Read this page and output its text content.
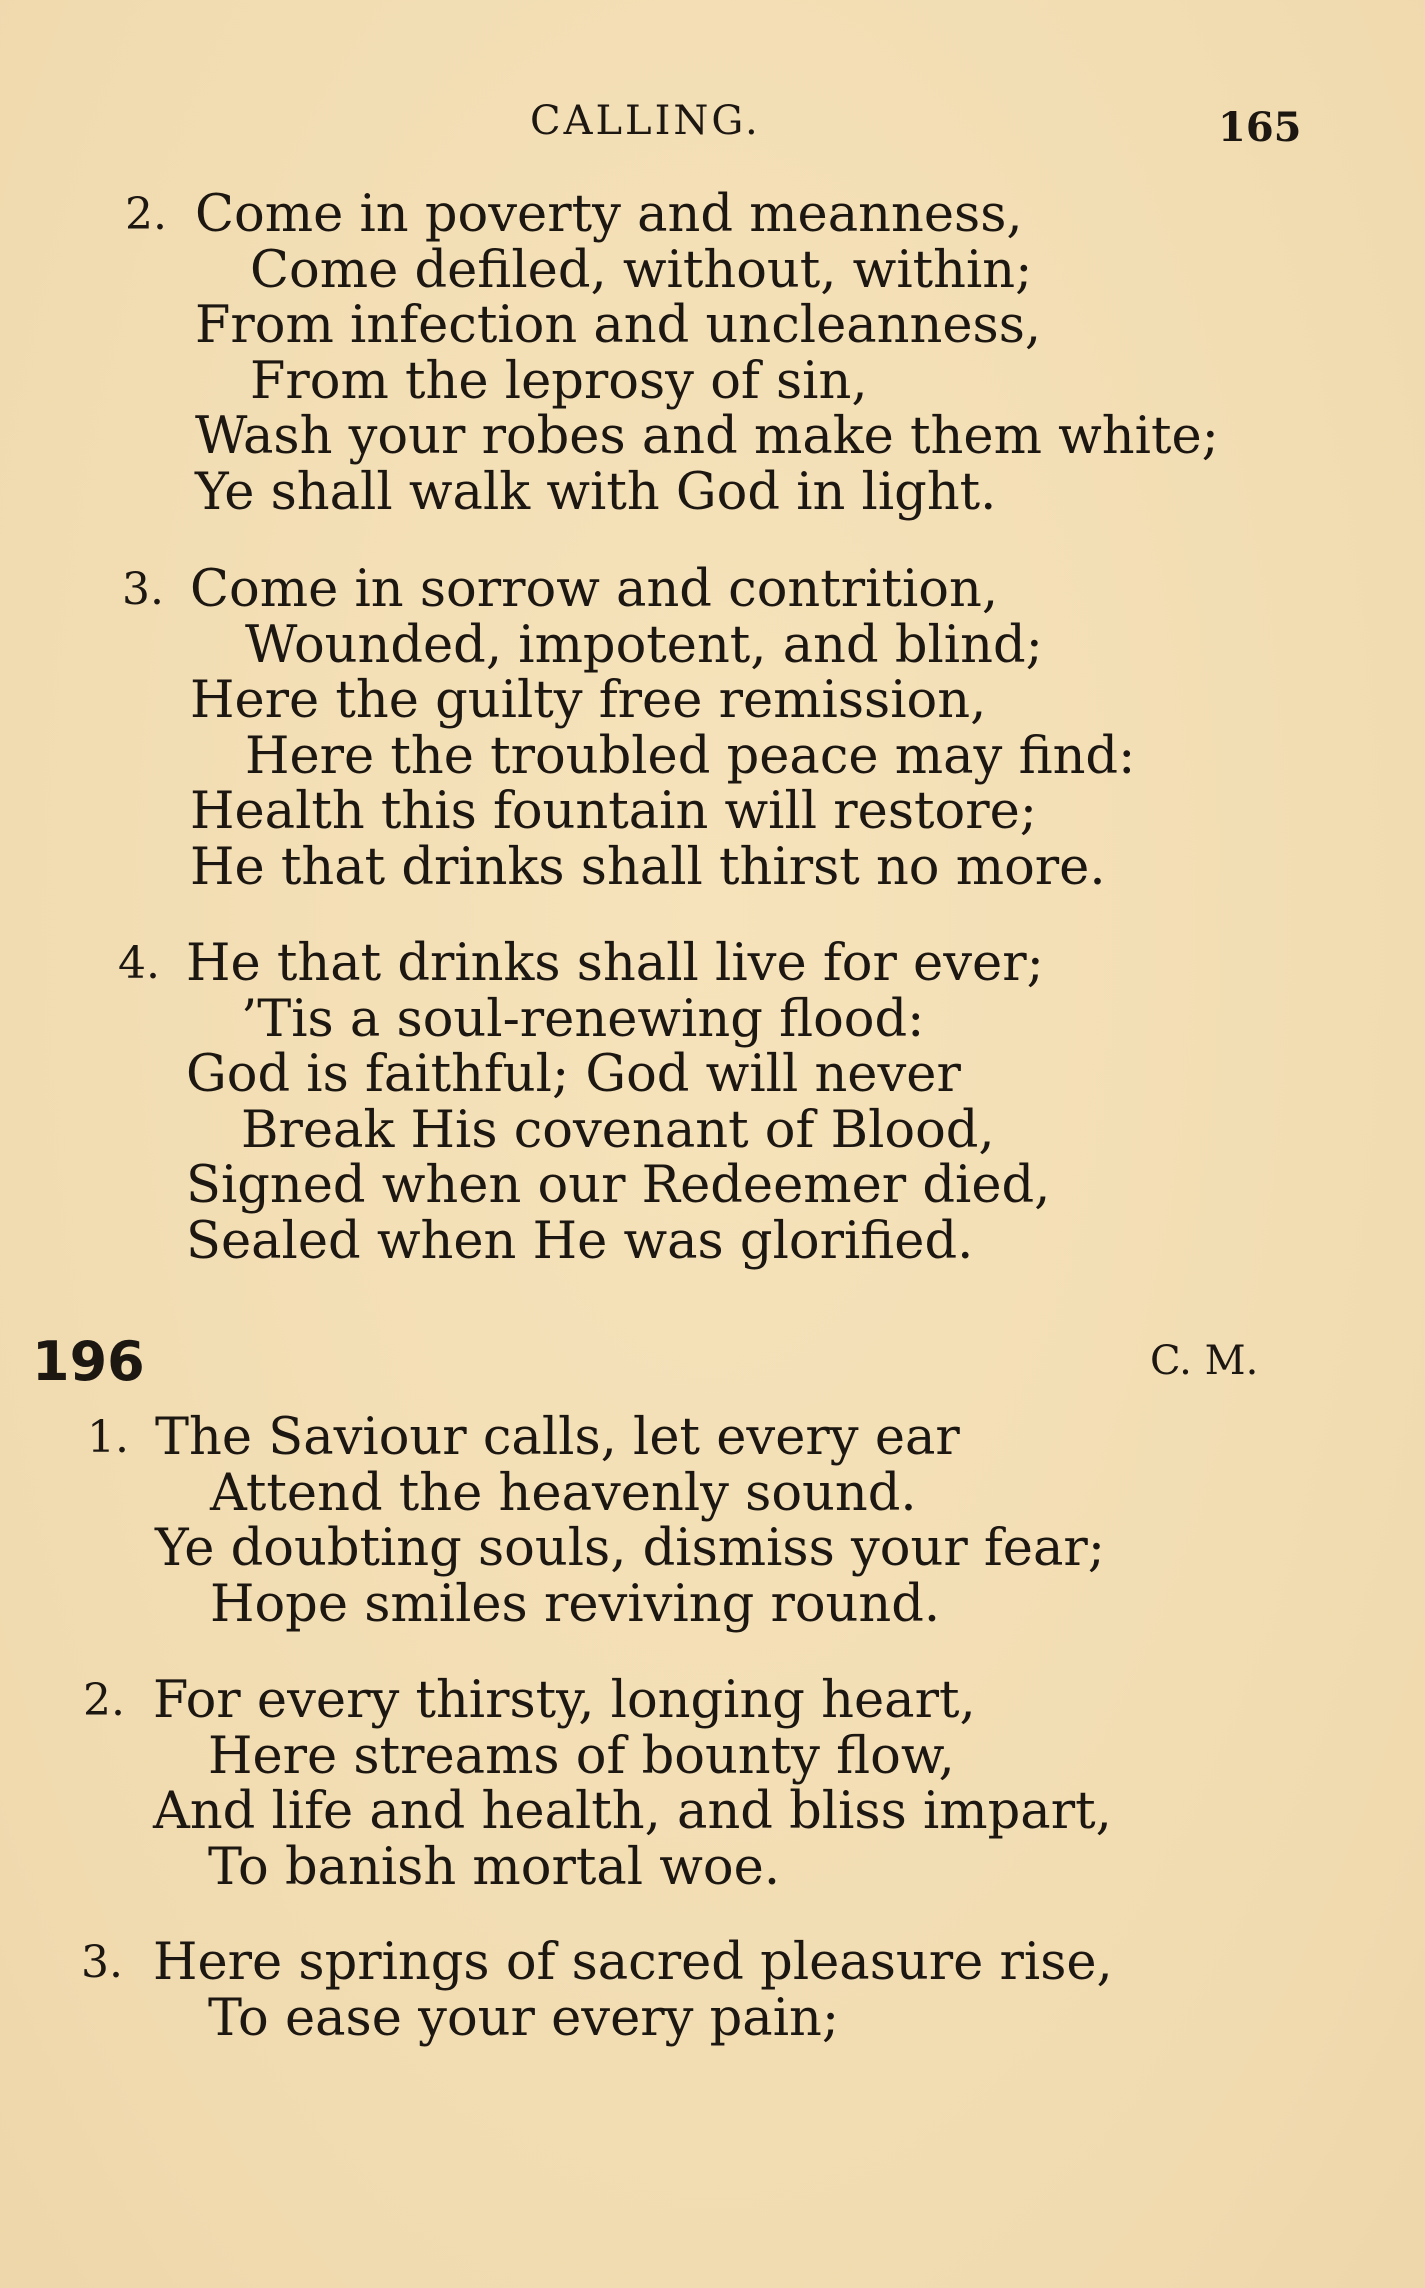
CALLING.	165
2. Come in poverty and meanness,
Come defiled, without, within;
From infection and uncleanness,
From the leprosy of sin,
Wash your robes and make them white;
Ye shall walk with God in light.
3. Come in sorrow and contrition,
Wounded, impotent, and blind;
Here the guilty free remission,
Here the troubled peace may find:
Health this fountain will restore;
He that drinks shall thirst no more.
4. He that drinks shall live for ever;
’Tis a soul-renewing flood:
God is faithful; God will never
Break His covenant of Blood,
Signed when our Redeemer died,
Sealed when He was glorified.
196	C. M.
1. The Saviour calls, let every ear
Attend the heavenly sound.
Ye doubting souls, dismiss your fear;
Hope smiles reviving round.
2. For every thirsty, longing heart,
Here streams of bounty flow,
And life and health, and bliss impart,
To banish mortal woe.
3. Here springs of sacred pleasure rise,
To ease your every pain;
